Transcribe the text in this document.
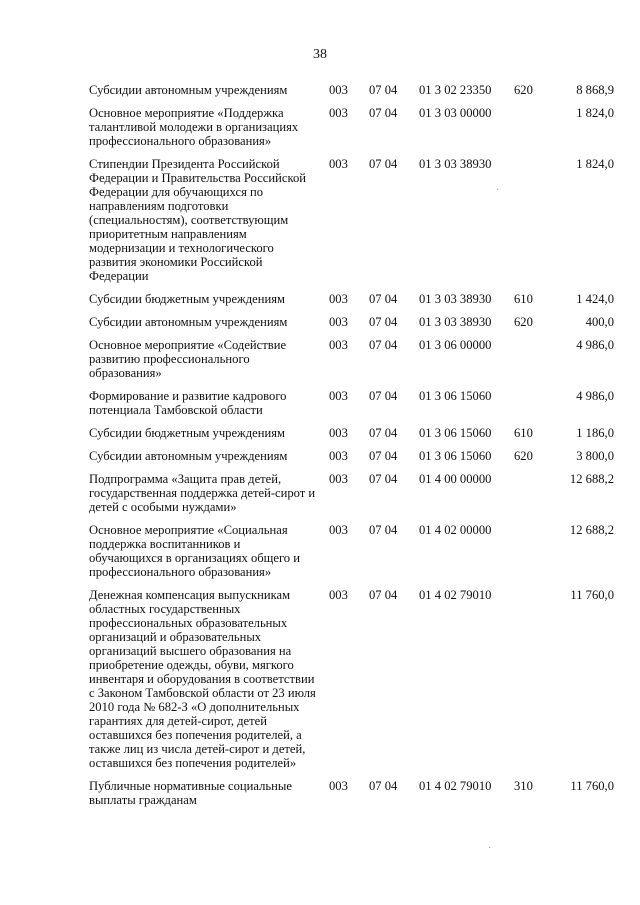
38
Субсидии автономным учреждениям	003	07 04	01 3 02 23350	620	8 868,9
Основное мероприятие «Поддержка талантливой молодежи в организациях профессионального образования»	003	07 04	01 3 03 00000		1 824,0
Стипендии Президента Российской Федерации и Правительства Российской Федерации для обучающихся по направлениям подготовки (специальностям), соответствующим приоритетным направлениям модернизации и технологического развития экономики Российской Федерации	003	07 04	01 3 03 38930		1 824,0
Субсидии бюджетным учреждениям	003	07 04	01 3 03 38930	610	1 424,0
Субсидии автономным учреждениям	003	07 04	01 3 03 38930	620	400,0
Основное мероприятие «Содействие развитию профессионального образования»	003	07 04	01 3 06 00000		4 986,0
Формирование и развитие кадрового потенциала Тамбовской области	003	07 04	01 3 06 15060		4 986,0
Субсидии бюджетным учреждениям	003	07 04	01 3 06 15060	610	1 186,0
Субсидии автономным учреждениям	003	07 04	01 3 06 15060	620	3 800,0
Подпрограмма «Защита прав детей, государственная поддержка детей-сирот и детей с особыми нуждами»	003	07 04	01 4 00 00000		12 688,2
Основное мероприятие «Социальная поддержка воспитанников и обучающихся в организациях общего и профессионального образования»	003	07 04	01 4 02 00000		12 688,2
Денежная компенсация выпускникам областных государственных профессиональных образовательных организаций и образовательных организаций высшего образования на приобретение одежды, обуви, мягкого инвентаря и оборудования в соответствии с Законом Тамбовской области от 23 июля 2010 года № 682-З «О дополнительных гарантиях для детей-сирот, детей оставшихся без попечения родителей, а также лиц из числа детей-сирот и детей, оставшихся без попечения родителей»	003	07 04	01 4 02 79010		11 760,0
Публичные нормативные социальные выплаты гражданам	003	07 04	01 4 02 79010	310	11 760,0
·
·
